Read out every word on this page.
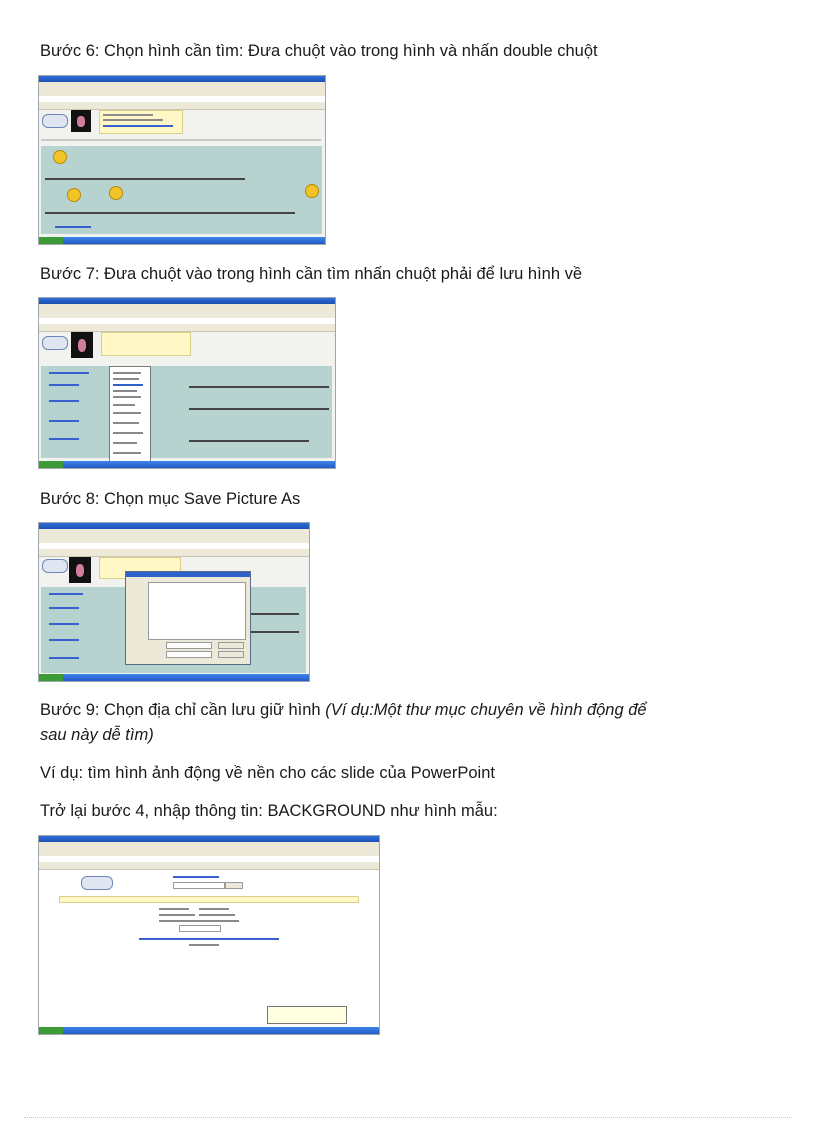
Bước 6: Chọn hình cần tìm: Đưa chuột vào trong hình và nhấn double chuột
Bước 7: Đưa chuột vào trong hình cần tìm nhấn chuột phải để lưu hình về
Bước 8: Chọn mục Save Picture As
Bước 9: Chọn địa chỉ cần lưu giữ hình (Ví dụ:Một thư mục chuyên về hình động để
sau này dễ tìm)
Ví dụ: tìm hình ảnh động về nền cho các slide của PowerPoint
Trở lại bước 4, nhập thông tin: BACKGROUND như hình mẫu:
